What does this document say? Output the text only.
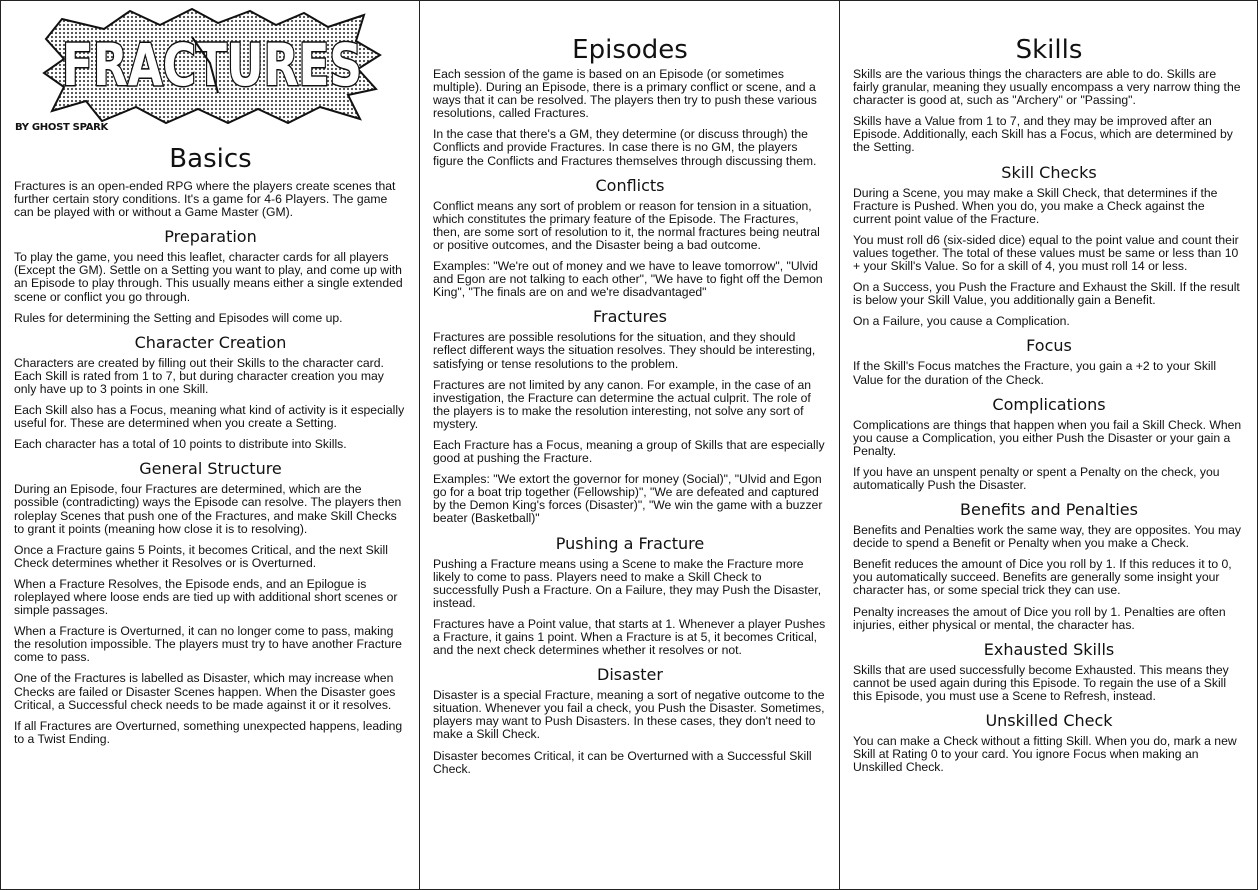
FRACTURES
BY GHOST SPARK
Basics

Fractures is an open-ended RPG where the players create scenes that further certain story conditions. It's a game for 4-6 Players. The game can be played with or without a Game Master (GM).

Preparation

To play the game, you need this leaflet, character cards for all players (Except the GM). Settle on a Setting you want to play, and come up with an Episode to play through. This usually means either a single extended scene or conflict you go through.

Rules for determining the Setting and Episodes will come up.

Character Creation

Characters are created by filling out their Skills to the character card. Each Skill is rated from 1 to 7, but during character creation you may only have up to 3 points in one Skill.

Each Skill also has a Focus, meaning what kind of activity is it especially useful for. These are determined when you create a Setting.

Each character has a total of 10 points to distribute into Skills.

General Structure

During an Episode, four Fractures are determined, which are the possible (contradicting) ways the Episode can resolve. The players then roleplay Scenes that push one of the Fractures, and make Skill Checks to grant it points (meaning how close it is to resolving).

Once a Fracture gains 5 Points, it becomes Critical, and the next Skill Check determines whether it Resolves or is Overturned.

When a Fracture Resolves, the Episode ends, and an Epilogue is roleplayed where loose ends are tied up with additional short scenes or simple passages.

When a Fracture is Overturned, it can no longer come to pass, making the resolution impossible. The players must try to have another Fracture come to pass.

One of the Fractures is labelled as Disaster, which may increase when Checks are failed or Disaster Scenes happen. When the Disaster goes Critical, a Successful check needs to be made against it or it resolves.

If all Fractures are Overturned, something unexpected happens, leading to a Twist Ending.

Episodes

Each session of the game is based on an Episode (or sometimes multiple). During an Episode, there is a primary conflict or scene, and a ways that it can be resolved. The players then try to push these various resolutions, called Fractures.

In the case that there's a GM, they determine (or discuss through) the Conflicts and provide Fractures. In case there is no GM, the players figure the Conflicts and Fractures themselves through discussing them.

Conflicts

Conflict means any sort of problem or reason for tension in a situation, which constitutes the primary feature of the Episode. The Fractures, then, are some sort of resolution to it, the normal fractures being neutral or positive outcomes, and the Disaster being a bad outcome.

Examples: "We're out of money and we have to leave tomorrow", "Ulvid and Egon are not talking to each other", "We have to fight off the Demon King", "The finals are on and we're disadvantaged"

Fractures

Fractures are possible resolutions for the situation, and they should reflect different ways the situation resolves. They should be interesting, satisfying or tense resolutions to the problem.

Fractures are not limited by any canon. For example, in the case of an investigation, the Fracture can determine the actual culprit. The role of the players is to make the resolution interesting, not solve any sort of mystery.

Each Fracture has a Focus, meaning a group of Skills that are especially good at pushing the Fracture.

Examples: "We extort the governor for money (Social)", "Ulvid and Egon go for a boat trip together (Fellowship)", "We are defeated and captured by the Demon King's forces (Disaster)", "We win the game with a buzzer beater (Basketball)"

Pushing a Fracture

Pushing a Fracture means using a Scene to make the Fracture more likely to come to pass. Players need to make a Skill Check to successfully Push a Fracture. On a Failure, they may Push the Disaster, instead.

Fractures have a Point value, that starts at 1. Whenever a player Pushes a Fracture, it gains 1 point. When a Fracture is at 5, it becomes Critical, and the next check determines whether it resolves or not.

Disaster

Disaster is a special Fracture, meaning a sort of negative outcome to the situation. Whenever you fail a check, you Push the Disaster. Sometimes, players may want to Push Disasters. In these cases, they don't need to make a Skill Check.

Disaster becomes Critical, it can be Overturned with a Successful Skill Check.

Skills

Skills are the various things the characters are able to do. Skills are fairly granular, meaning they usually encompass a very narrow thing the character is good at, such as "Archery" or "Passing".

Skills have a Value from 1 to 7, and they may be improved after an Episode. Additionally, each Skill has a Focus, which are determined by the Setting.

Skill Checks

During a Scene, you may make a Skill Check, that determines if the Fracture is Pushed. When you do, you make a Check against the current point value of the Fracture.

You must roll d6 (six-sided dice) equal to the point value and count their values together. The total of these values must be same or less than 10 + your Skill's Value. So for a skill of 4, you must roll 14 or less.

On a Success, you Push the Fracture and Exhaust the Skill. If the result is below your Skill Value, you additionally gain a Benefit.

On a Failure, you cause a Complication.

Focus

If the Skill's Focus matches the Fracture, you gain a +2 to your Skill Value for the duration of the Check.

Complications

Complications are things that happen when you fail a Skill Check. When you cause a Complication, you either Push the Disaster or your gain a Penalty.

If you have an unspent penalty or spent a Penalty on the check, you automatically Push the Disaster.

Benefits and Penalties

Benefits and Penalties work the same way, they are opposites. You may decide to spend a Benefit or Penalty when you make a Check.

Benefit reduces the amount of Dice you roll by 1. If this reduces it to 0, you automatically succeed. Benefits are generally some insight your character has, or some special trick they can use.

Penalty increases the amout of Dice you roll by 1. Penalties are often injuries, either physical or mental, the character has.

Exhausted Skills

Skills that are used successfully become Exhausted. This means they cannot be used again during this Episode. To regain the use of a Skill this Episode, you must use a Scene to Refresh, instead.

Unskilled Check

You can make a Check without a fitting Skill. When you do, mark a new Skill at Rating 0 to your card. You ignore Focus when making an Unskilled Check.
